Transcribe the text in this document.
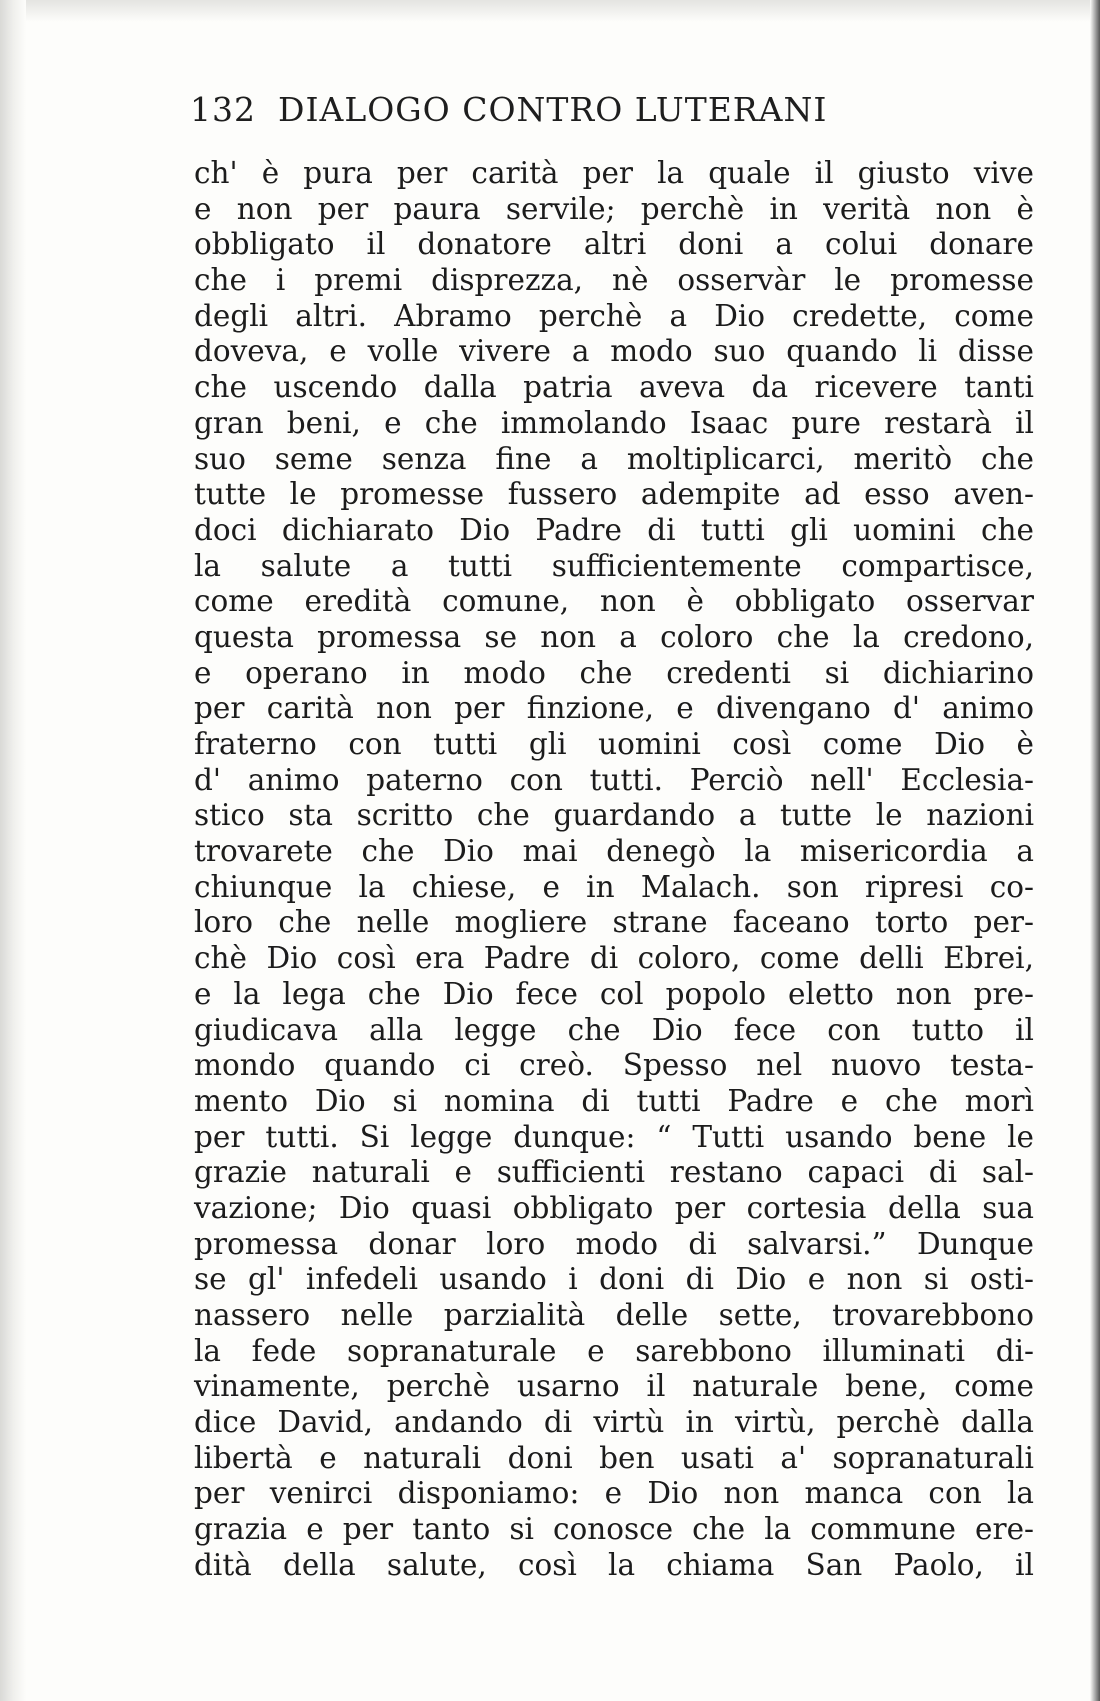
132 DIALOGO CONTRO LUTERANI
ch' è pura per carità per la quale il giusto vive
e non per paura servile; perchè in verità non è
obbligato il donatore altri doni a colui donare
che i premi disprezza, nè osservàr le promesse
degli altri. Abramo perchè a Dio credette, come
doveva, e volle vivere a modo suo quando li disse
che uscendo dalla patria aveva da ricevere tanti
gran beni, e che immolando Isaac pure restarà il
suo seme senza fine a moltiplicarci, meritò che
tutte le promesse fussero adempite ad esso aven-
doci dichiarato Dio Padre di tutti gli uomini che
la salute a tutti sufficientemente compartisce,
come eredità comune, non è obbligato osservar
questa promessa se non a coloro che la credono,
e operano in modo che credenti si dichiarino
per carità non per finzione, e divengano d' animo
fraterno con tutti gli uomini così come Dio è
d' animo paterno con tutti. Perciò nell' Ecclesia-
stico sta scritto che guardando a tutte le nazioni
trovarete che Dio mai denegò la misericordia a
chiunque la chiese, e in Malach. son ripresi co-
loro che nelle mogliere strane faceano torto per-
chè Dio così era Padre di coloro, come delli Ebrei,
e la lega che Dio fece col popolo eletto non pre-
giudicava alla legge che Dio fece con tutto il
mondo quando ci creò. Spesso nel nuovo testa-
mento Dio si nomina di tutti Padre e che morì
per tutti. Si legge dunque: “ Tutti usando bene le
grazie naturali e sufficienti restano capaci di sal-
vazione; Dio quasi obbligato per cortesia della sua
promessa donar loro modo di salvarsi.” Dunque
se gl' infedeli usando i doni di Dio e non si osti-
nassero nelle parzialità delle sette, trovarebbono
la fede sopranaturale e sarebbono illuminati di-
vinamente, perchè usarno il naturale bene, come
dice David, andando di virtù in virtù, perchè dalla
libertà e naturali doni ben usati a' sopranaturali
per venirci disponiamo: e Dio non manca con la
grazia e per tanto si conosce che la commune ere-
dità della salute, così la chiama San Paolo, il
